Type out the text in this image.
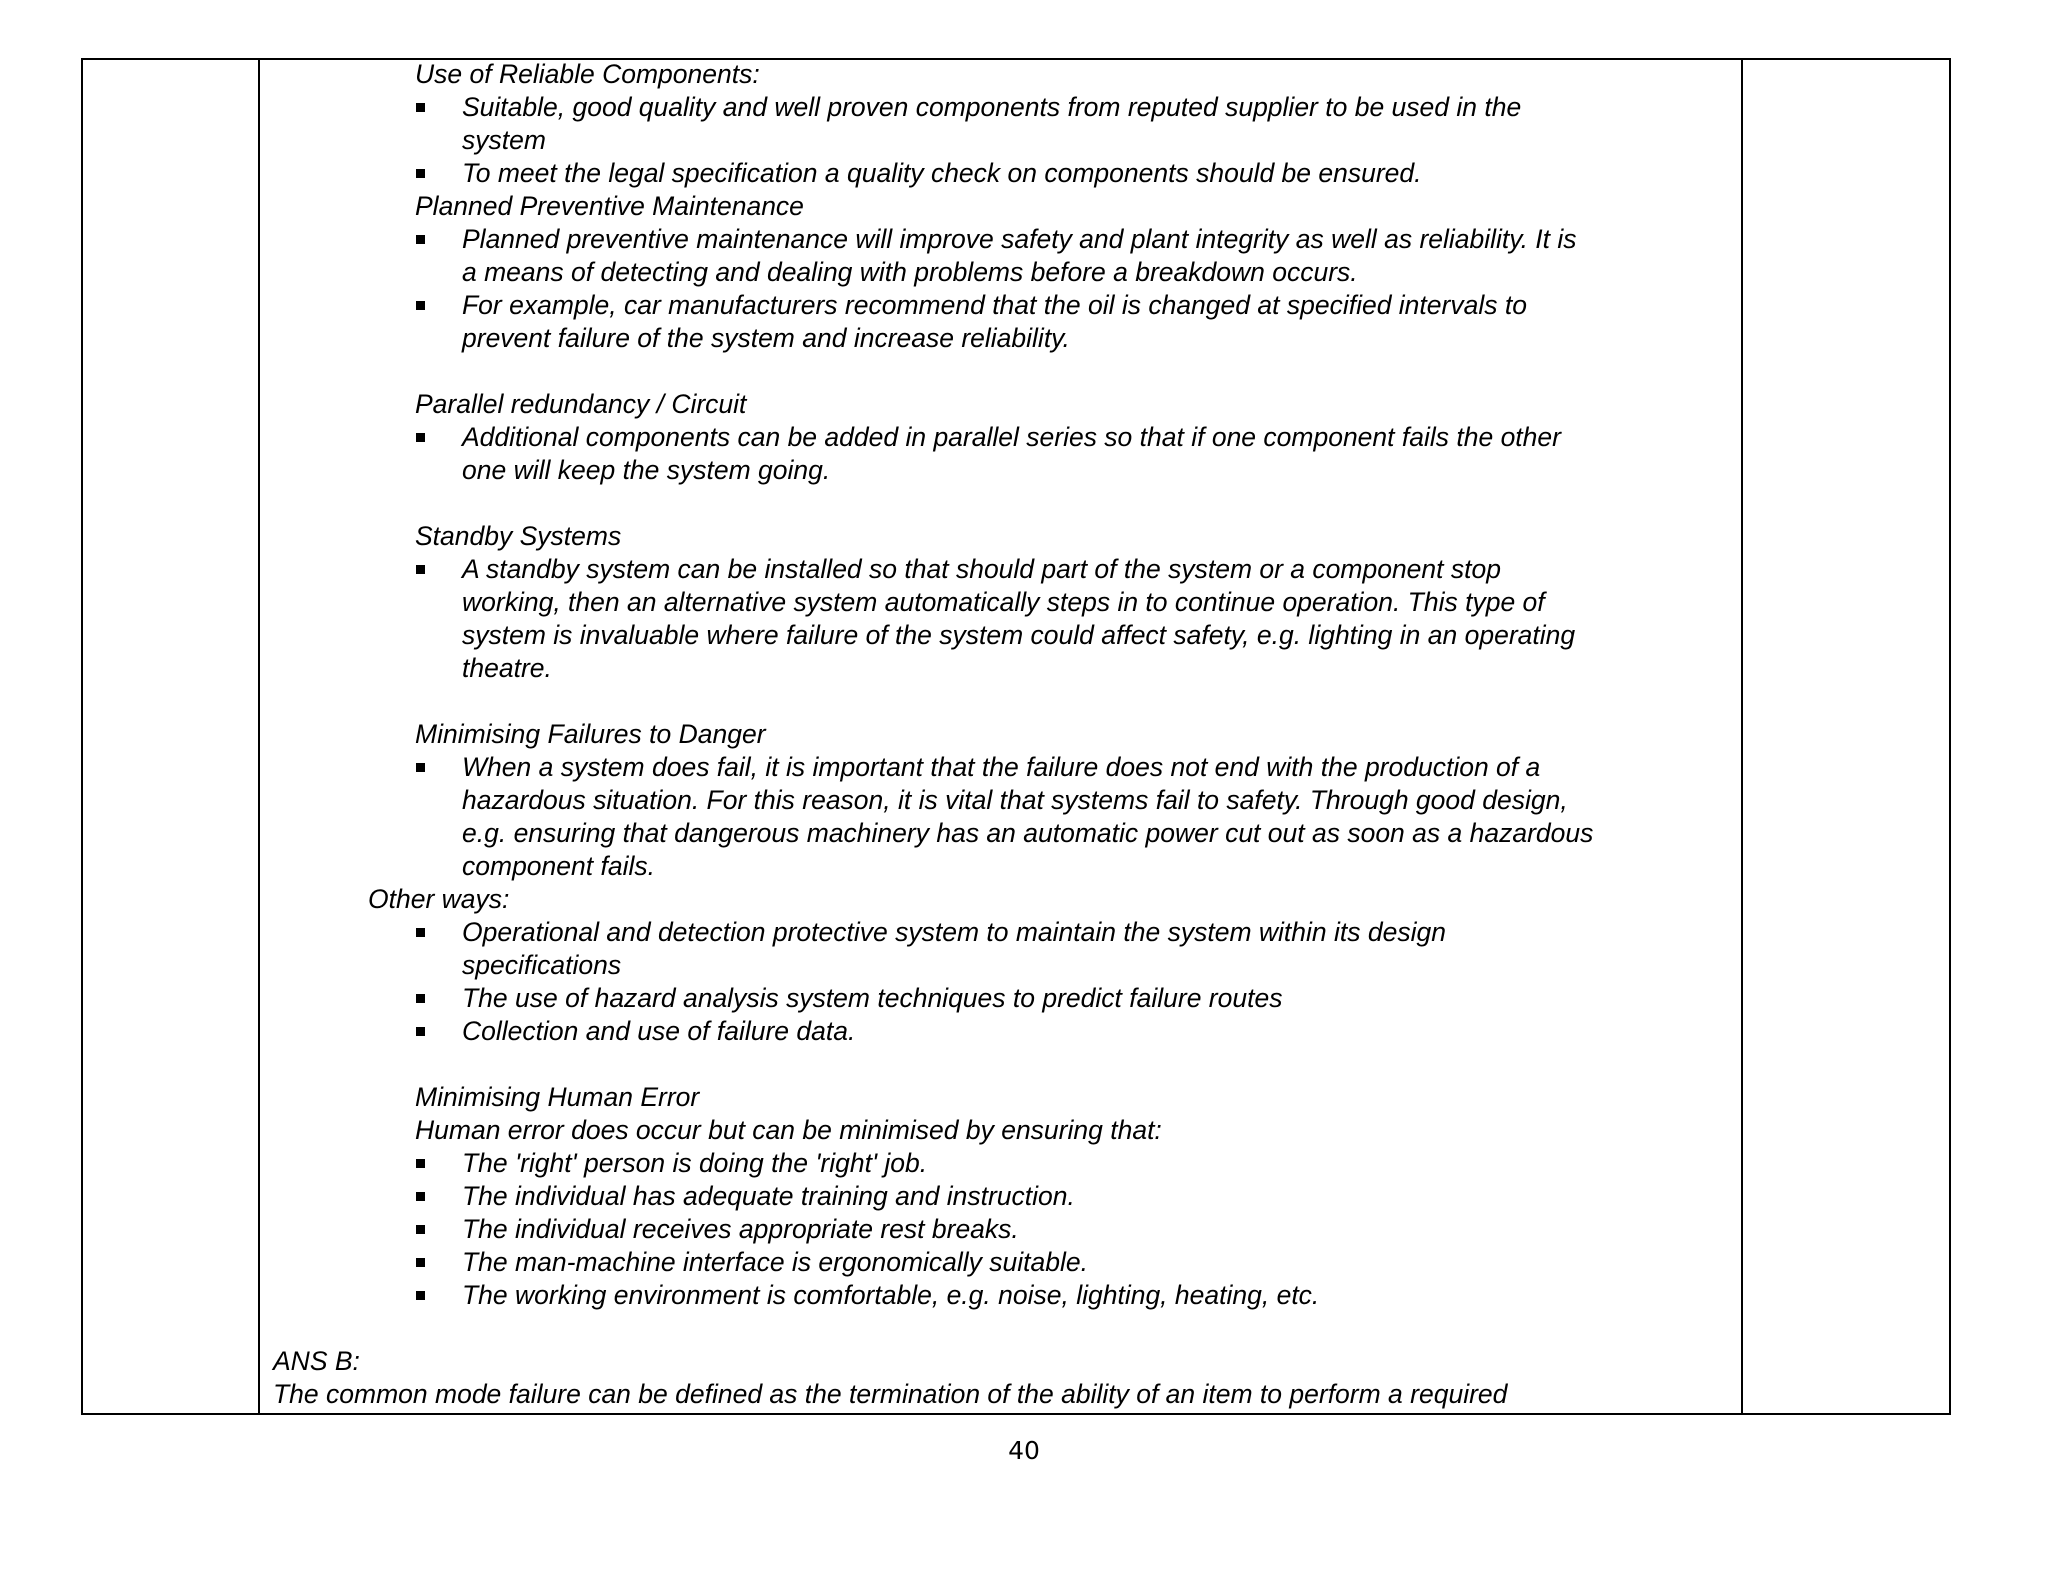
Use of Reliable Components:
Suitable, good quality and well proven components from reputed supplier to be used in the
system
To meet the legal specification a quality check on components should be ensured.
Planned Preventive Maintenance
Planned preventive maintenance will improve safety and plant integrity as well as reliability. It is
a means of detecting and dealing with problems before a breakdown occurs.
For example, car manufacturers recommend that the oil is changed at specified intervals to
prevent failure of the system and increase reliability.
Parallel redundancy / Circuit
Additional components can be added in parallel series so that if one component fails the other
one will keep the system going.
Standby Systems
A standby system can be installed so that should part of the system or a component stop
working, then an alternative system automatically steps in to continue operation. This type of
system is invaluable where failure of the system could affect safety, e.g. lighting in an operating
theatre.
Minimising Failures to Danger
When a system does fail, it is important that the failure does not end with the production of a
hazardous situation. For this reason, it is vital that systems fail to safety. Through good design,
e.g. ensuring that dangerous machinery has an automatic power cut out as soon as a hazardous
component fails.
Other ways:
Operational and detection protective system to maintain the system within its design
specifications
The use of hazard analysis system techniques to predict failure routes
Collection and use of failure data.
Minimising Human Error
Human error does occur but can be minimised by ensuring that:
The 'right' person is doing the 'right' job.
The individual has adequate training and instruction.
The individual receives appropriate rest breaks.
The man-machine interface is ergonomically suitable.
The working environment is comfortable, e.g. noise, lighting, heating, etc.
ANS B:
The common mode failure can be defined as the termination of the ability of an item to perform a required
40
